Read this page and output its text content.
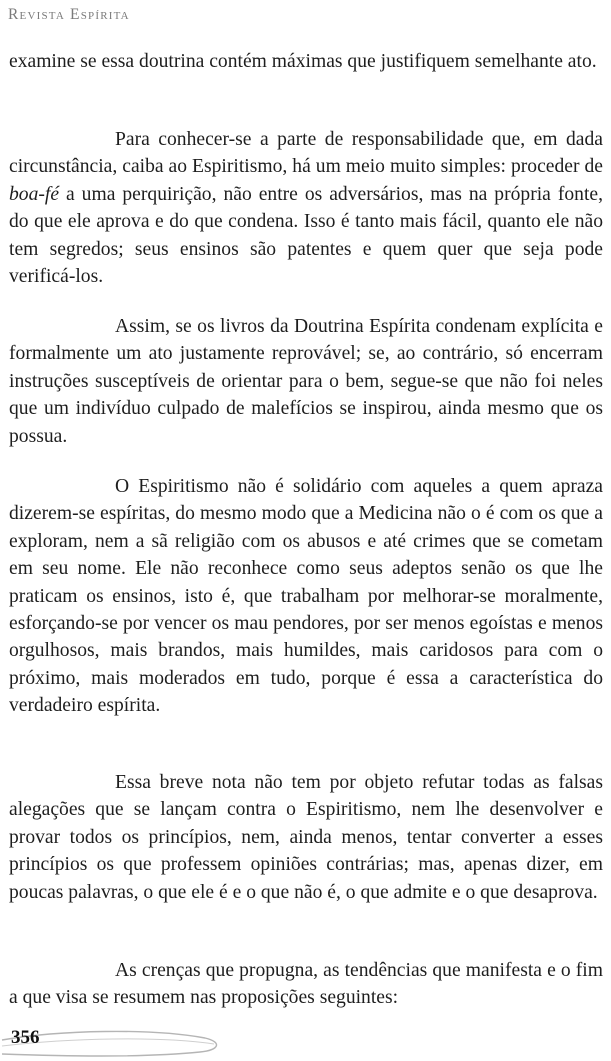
Revista Espírita

examine se essa doutrina contém máximas que justifiquem semelhante ato.

Para conhecer-se a parte de responsabilidade que, em dada circunstância, caiba ao Espiritismo, há um meio muito simples: proceder de boa-fé a uma perquirição, não entre os adversários, mas na própria fonte, do que ele aprova e do que condena. Isso é tanto mais fácil, quanto ele não tem segredos; seus ensinos são patentes e quem quer que seja pode verificá-los.

Assim, se os livros da Doutrina Espírita condenam explícita e formalmente um ato justamente reprovável; se, ao contrário, só encerram instruções susceptíveis de orientar para o bem, segue-se que não foi neles que um indivíduo culpado de malefícios se inspirou, ainda mesmo que os possua.

O Espiritismo não é solidário com aqueles a quem apraza dizerem-se espíritas, do mesmo modo que a Medicina não o é com os que a exploram, nem a sã religião com os abusos e até crimes que se cometam em seu nome. Ele não reconhece como seus adeptos senão os que lhe praticam os ensinos, isto é, que trabalham por melhorar-se moralmente, esforçando-se por vencer os mau pendores, por ser menos egoístas e menos orgulhosos, mais brandos, mais humildes, mais caridosos para com o próximo, mais moderados em tudo, porque é essa a característica do verdadeiro espírita.

Essa breve nota não tem por objeto refutar todas as falsas alegações que se lançam contra o Espiritismo, nem lhe desenvolver e provar todos os princípios, nem, ainda menos, tentar converter a esses princípios os que professem opiniões contrárias; mas, apenas dizer, em poucas palavras, o que ele é e o que não é, o que admite e o que desaprova.

As crenças que propugna, as tendências que manifesta e o fim a que visa se resumem nas proposições seguintes:

356
